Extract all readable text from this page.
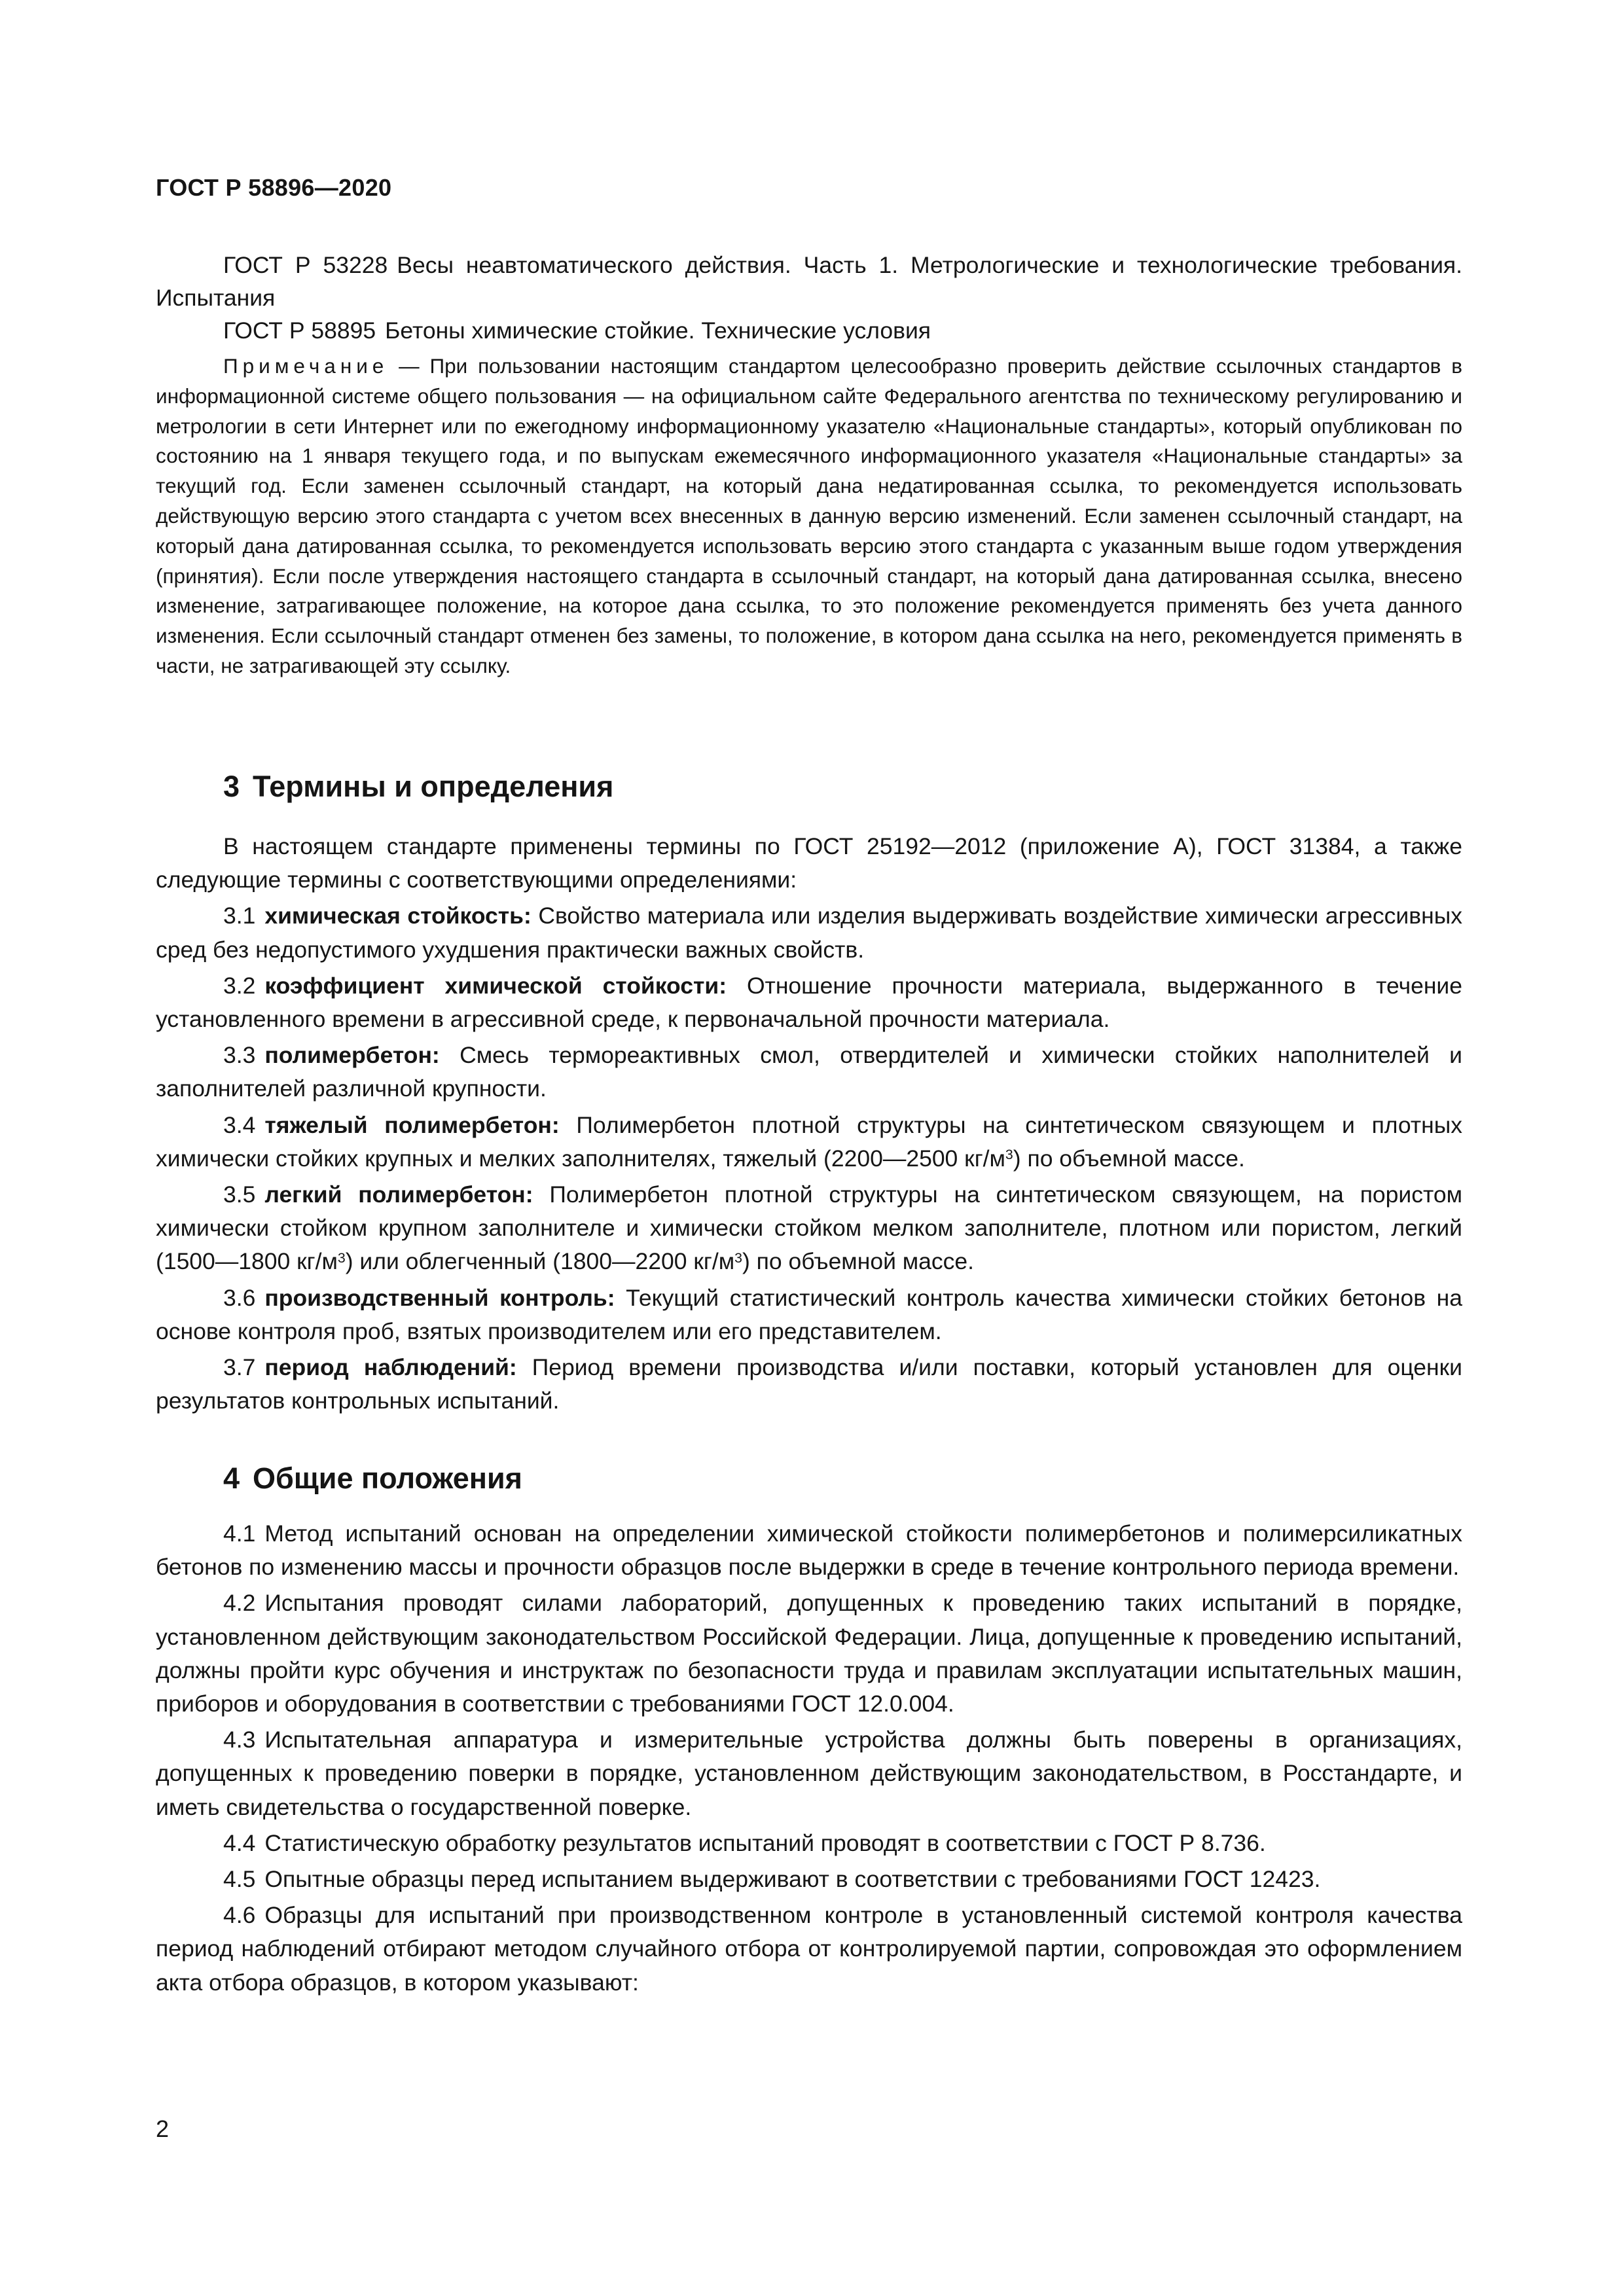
ГОСТ Р 58896—2020

ГОСТ Р 53228 Весы неавтоматического действия. Часть 1. Метрологические и технологические требования. Испытания

ГОСТ Р 58895 Бетоны химические стойкие. Технические условия

Примечание — При пользовании настоящим стандартом целесообразно проверить действие ссылочных стандартов в информационной системе общего пользования — на официальном сайте Федерального агентства по техническому регулированию и метрологии в сети Интернет или по ежегодному информационному указателю «Национальные стандарты», который опубликован по состоянию на 1 января текущего года, и по выпускам ежемесячного информационного указателя «Национальные стандарты» за текущий год. Если заменен ссылочный стандарт, на который дана недатированная ссылка, то рекомендуется использовать действующую версию этого стандарта с учетом всех внесенных в данную версию изменений. Если заменен ссылочный стандарт, на который дана датированная ссылка, то рекомендуется использовать версию этого стандарта с указанным выше годом утверждения (принятия). Если после утверждения настоящего стандарта в ссылочный стандарт, на который дана датированная ссылка, внесено изменение, затрагивающее положение, на которое дана ссылка, то это положение рекомендуется применять без учета данного изменения. Если ссылочный стандарт отменен без замены, то положение, в котором дана ссылка на него, рекомендуется применять в части, не затрагивающей эту ссылку.

3 Термины и определения

В настоящем стандарте применены термины по ГОСТ 25192—2012 (приложение А), ГОСТ 31384, а также следующие термины с соответствующими определениями:

3.1 химическая стойкость: Свойство материала или изделия выдерживать воздействие химически агрессивных сред без недопустимого ухудшения практически важных свойств.

3.2 коэффициент химической стойкости: Отношение прочности материала, выдержанного в течение установленного времени в агрессивной среде, к первоначальной прочности материала.

3.3 полимербетон: Смесь термореактивных смол, отвердителей и химически стойких наполнителей и заполнителей различной крупности.

3.4 тяжелый полимербетон: Полимербетон плотной структуры на синтетическом связующем и плотных химически стойких крупных и мелких заполнителях, тяжелый (2200—2500 $кг/м^3$) по объемной массе.

3.5 легкий полимербетон: Полимербетон плотной структуры на синтетическом связующем, на пористом химически стойком крупном заполнителе и химически стойком мелком заполнителе, плотном или пористом, легкий (1500—1800 $кг/м^3$) или облегченный (1800—2200 $кг/м^3$) по объемной массе.

3.6 производственный контроль: Текущий статистический контроль качества химически стойких бетонов на основе контроля проб, взятых производителем или его представителем.

3.7 период наблюдений: Период времени производства и/или поставки, который установлен для оценки результатов контрольных испытаний.

4 Общие положения

4.1 Метод испытаний основан на определении химической стойкости полимербетонов и полимерсиликатных бетонов по изменению массы и прочности образцов после выдержки в среде в течение контрольного периода времени.

4.2 Испытания проводят силами лабораторий, допущенных к проведению таких испытаний в порядке, установленном действующим законодательством Российской Федерации. Лица, допущенные к проведению испытаний, должны пройти курс обучения и инструктаж по безопасности труда и правилам эксплуатации испытательных машин, приборов и оборудования в соответствии с требованиями ГОСТ 12.0.004.

4.3 Испытательная аппаратура и измерительные устройства должны быть поверены в организациях, допущенных к проведению поверки в порядке, установленном действующим законодательством, в Росстандарте, и иметь свидетельства о государственной поверке.

4.4 Статистическую обработку результатов испытаний проводят в соответствии с ГОСТ Р 8.736.

4.5 Опытные образцы перед испытанием выдерживают в соответствии с требованиями ГОСТ 12423.

4.6 Образцы для испытаний при производственном контроле в установленный системой контроля качества период наблюдений отбирают методом случайного отбора от контролируемой партии, сопровождая это оформлением акта отбора образцов, в котором указывают:

2
